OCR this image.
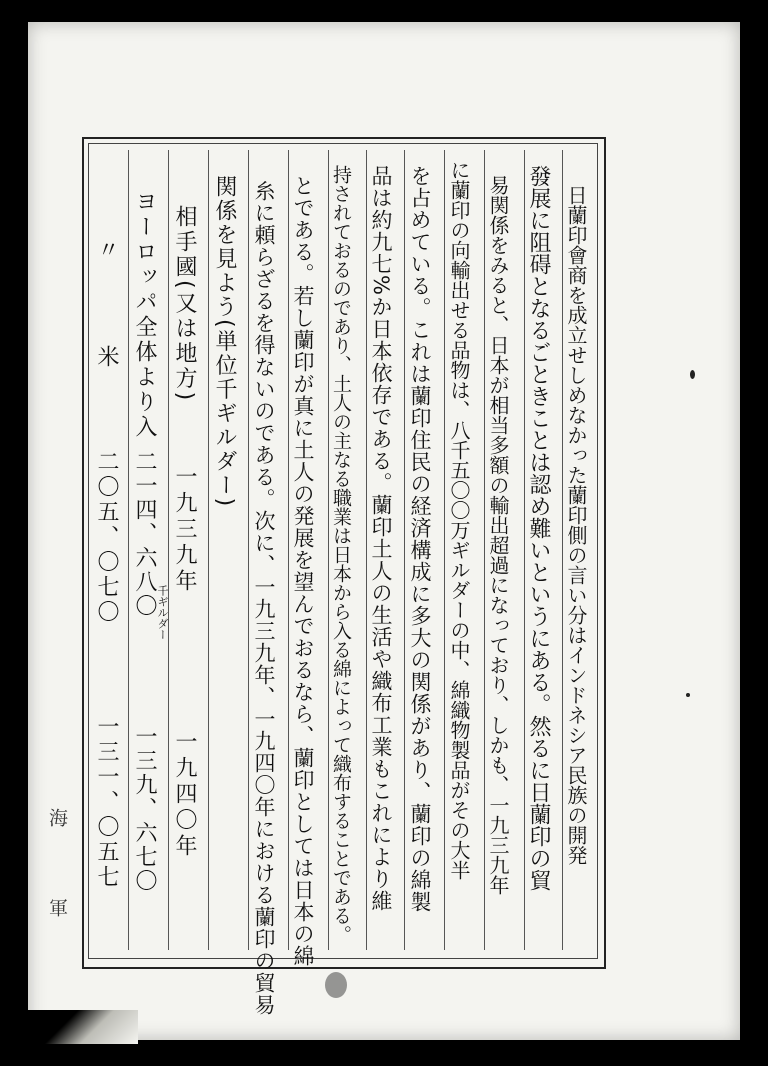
日蘭印會商を成立せしめなかった蘭印側の言い分はインドネシア民族の開発
發展に阻碍となるごときことは認め難いというにある。然るに日蘭印の貿
易関係をみると、日本が相当多額の輸出超過になっており、しかも、一九三九年
に蘭印の向輸出せる品物は、八千五〇〇万ギルダーの中、綿織物製品がその大半
を占めている。これは蘭印住民の経済構成に多大の関係があり、蘭印の綿製
品は約九七%か日本依存である。蘭印土人の生活や織布工業もこれにより維
持されておるのであり、土人の主なる職業は日本から入る綿によって織布することである。
とである。若し蘭印が真に土人の発展を望んでおるなら、蘭印としては日本の綿
糸に頼らざるを得ないのである。次に、一九三九年、一九四〇年における蘭印の貿易
関係を見よう(単位千ギルダー)
相手國(又は地方)
一九三九年
一九四〇年
ヨーロッパ全体より入
二一四、六八〇 千ギルダー
一三九、六七〇
〃
米
二〇五、〇七〇
一三一、〇五七
海
軍
